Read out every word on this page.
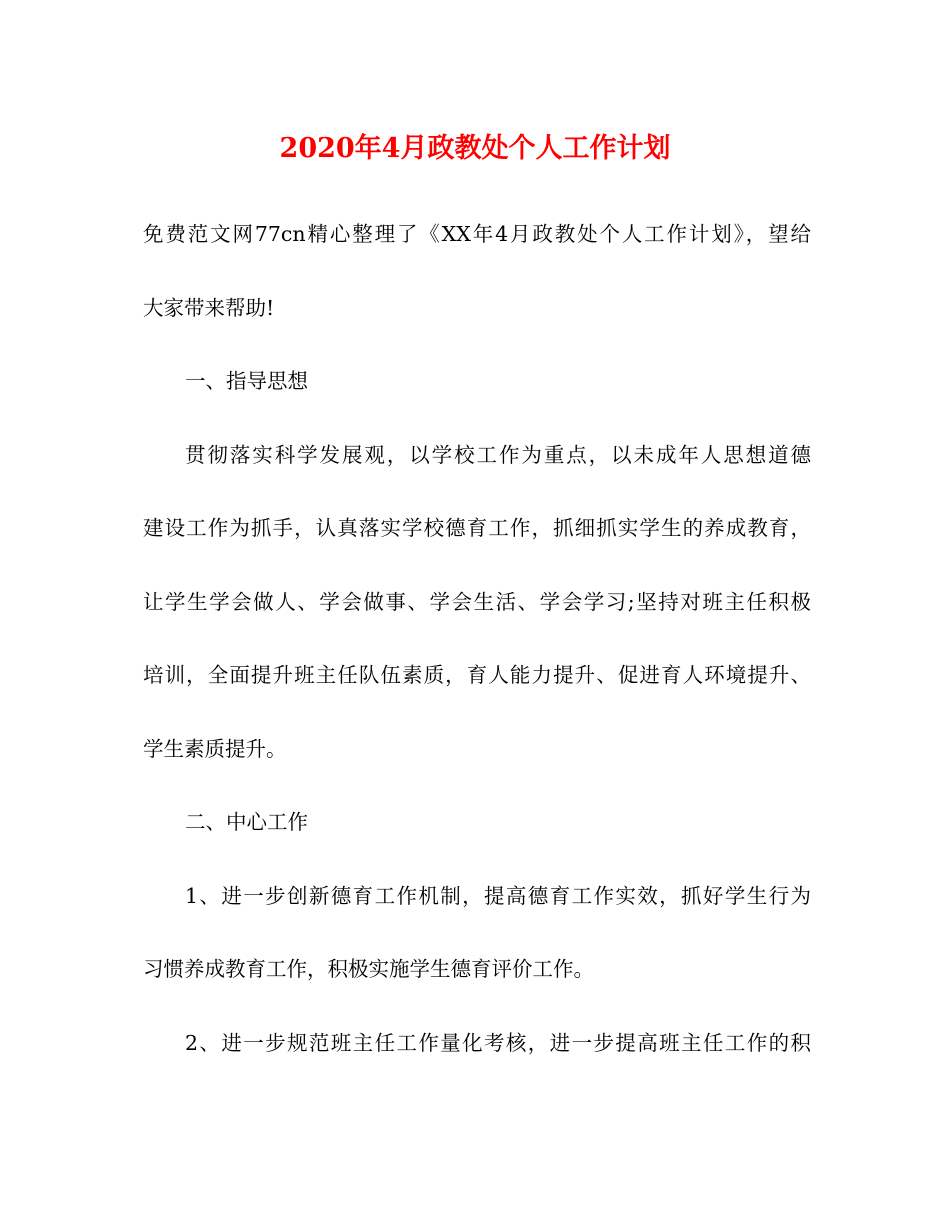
2020年4月政教处个人工作计划
免费范文网77cn精心整理了《XX年4月政教处个人工作计划》，望给
大家带来帮助!
一、指导思想
贯彻落实科学发展观，以学校工作为重点，以未成年人思想道德
建设工作为抓手，认真落实学校德育工作，抓细抓实学生的养成教育，
让学生学会做人、学会做事、学会生活、学会学习;坚持对班主任积极
培训，全面提升班主任队伍素质，育人能力提升、促进育人环境提升、
学生素质提升。
二、中心工作
1、进一步创新德育工作机制，提高德育工作实效，抓好学生行为
习惯养成教育工作，积极实施学生德育评价工作。
2、进一步规范班主任工作量化考核，进一步提高班主任工作的积
